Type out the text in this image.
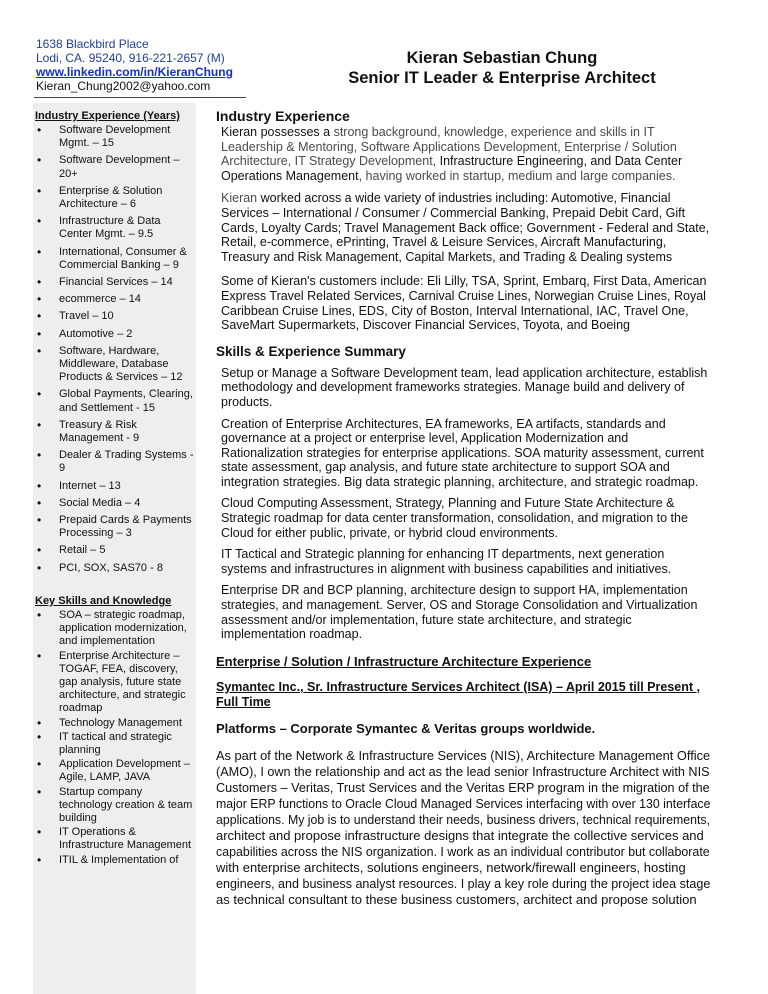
1638 Blackbird Place
Lodi, CA. 95240, 916-221-2657 (M)
www.linkedin.com/in/KieranChung
Kieran_Chung2002@yahoo.com
Kieran Sebastian Chung
Senior IT Leader & Enterprise Architect
Industry Experience (Years)
• Software Development Mgmt. – 15
• Software Development – 20+
• Enterprise & Solution Architecture – 6
• Infrastructure & Data Center Mgmt. – 9.5
• International, Consumer & Commercial Banking – 9
• Financial Services – 14
• ecommerce – 14
• Travel – 10
• Automotive – 2
• Software, Hardware, Middleware, Database Products & Services – 12
• Global Payments, Clearing, and Settlement - 15
• Treasury & Risk Management - 9
• Dealer & Trading Systems - 9
• Internet – 13
• Social Media – 4
• Prepaid Cards & Payments Processing – 3
• Retail – 5
• PCI, SOX, SAS70 - 8
Key Skills and Knowledge
• SOA – strategic roadmap, application modernization, and implementation
• Enterprise Architecture – TOGAF, FEA, discovery, gap analysis, future state architecture, and strategic roadmap
• Technology Management
• IT tactical and strategic planning
• Application Development – Agile, LAMP, JAVA
• Startup company technology creation & team building
• IT Operations & Infrastructure Management
• ITIL & Implementation of
Industry Experience
Kieran possesses a strong background, knowledge, experience and skills in IT Leadership & Mentoring, Software Applications Development, Enterprise / Solution Architecture, IT Strategy Development, Infrastructure Engineering, and Data Center Operations Management, having worked in startup, medium and large companies.
Kieran worked across a wide variety of industries including: Automotive, Financial Services – International / Consumer / Commercial Banking, Prepaid Debit Card, Gift Cards, Loyalty Cards; Travel Management Back office; Government - Federal and State, Retail, e-commerce, ePrinting, Travel & Leisure Services, Aircraft Manufacturing, Treasury and Risk Management, Capital Markets, and Trading & Dealing systems
Some of Kieran's customers include: Eli Lilly, TSA, Sprint, Embarq, First Data, American Express Travel Related Services, Carnival Cruise Lines, Norwegian Cruise Lines, Royal Caribbean Cruise Lines, EDS, City of Boston, Interval International, IAC, Travel One, SaveMart Supermarkets, Discover Financial Services, Toyota, and Boeing
Skills & Experience Summary
Setup or Manage a Software Development team, lead application architecture, establish methodology and development frameworks strategies. Manage build and delivery of products.
Creation of Enterprise Architectures, EA frameworks, EA artifacts, standards and governance at a project or enterprise level, Application Modernization and Rationalization strategies for enterprise applications. SOA maturity assessment, current state assessment, gap analysis, and future state architecture to support SOA and integration strategies. Big data strategic planning, architecture, and strategic roadmap.
Cloud Computing Assessment, Strategy, Planning and Future State Architecture & Strategic roadmap for data center transformation, consolidation, and migration to the Cloud for either public, private, or hybrid cloud environments.
IT Tactical and Strategic planning for enhancing IT departments, next generation systems and infrastructures in alignment with business capabilities and initiatives.
Enterprise DR and BCP planning, architecture design to support HA, implementation strategies, and management. Server, OS and Storage Consolidation and Virtualization assessment and/or implementation, future state architecture, and strategic implementation roadmap.
Enterprise / Solution / Infrastructure Architecture Experience
Symantec Inc., Sr. Infrastructure Services Architect (ISA) – April 2015 till Present ,
Full Time
Platforms – Corporate Symantec & Veritas groups worldwide.
As part of the Network & Infrastructure Services (NIS), Architecture Management Office
(AMO), I own the relationship and act as the lead senior Infrastructure Architect with NIS
Customers – Veritas, Trust Services and the Veritas ERP program in the migration of the
major ERP functions to Oracle Cloud Managed Services interfacing with over 130 interface
applications. My job is to understand their needs, business drivers, technical requirements,
architect and propose infrastructure designs that integrate the collective services and
capabilities across the NIS organization. I work as an individual contributor but collaborate
with enterprise architects, solutions engineers, network/firewall engineers, hosting
engineers, and business analyst resources. I play a key role during the project idea stage
as technical consultant to these business customers, architect and propose solution
